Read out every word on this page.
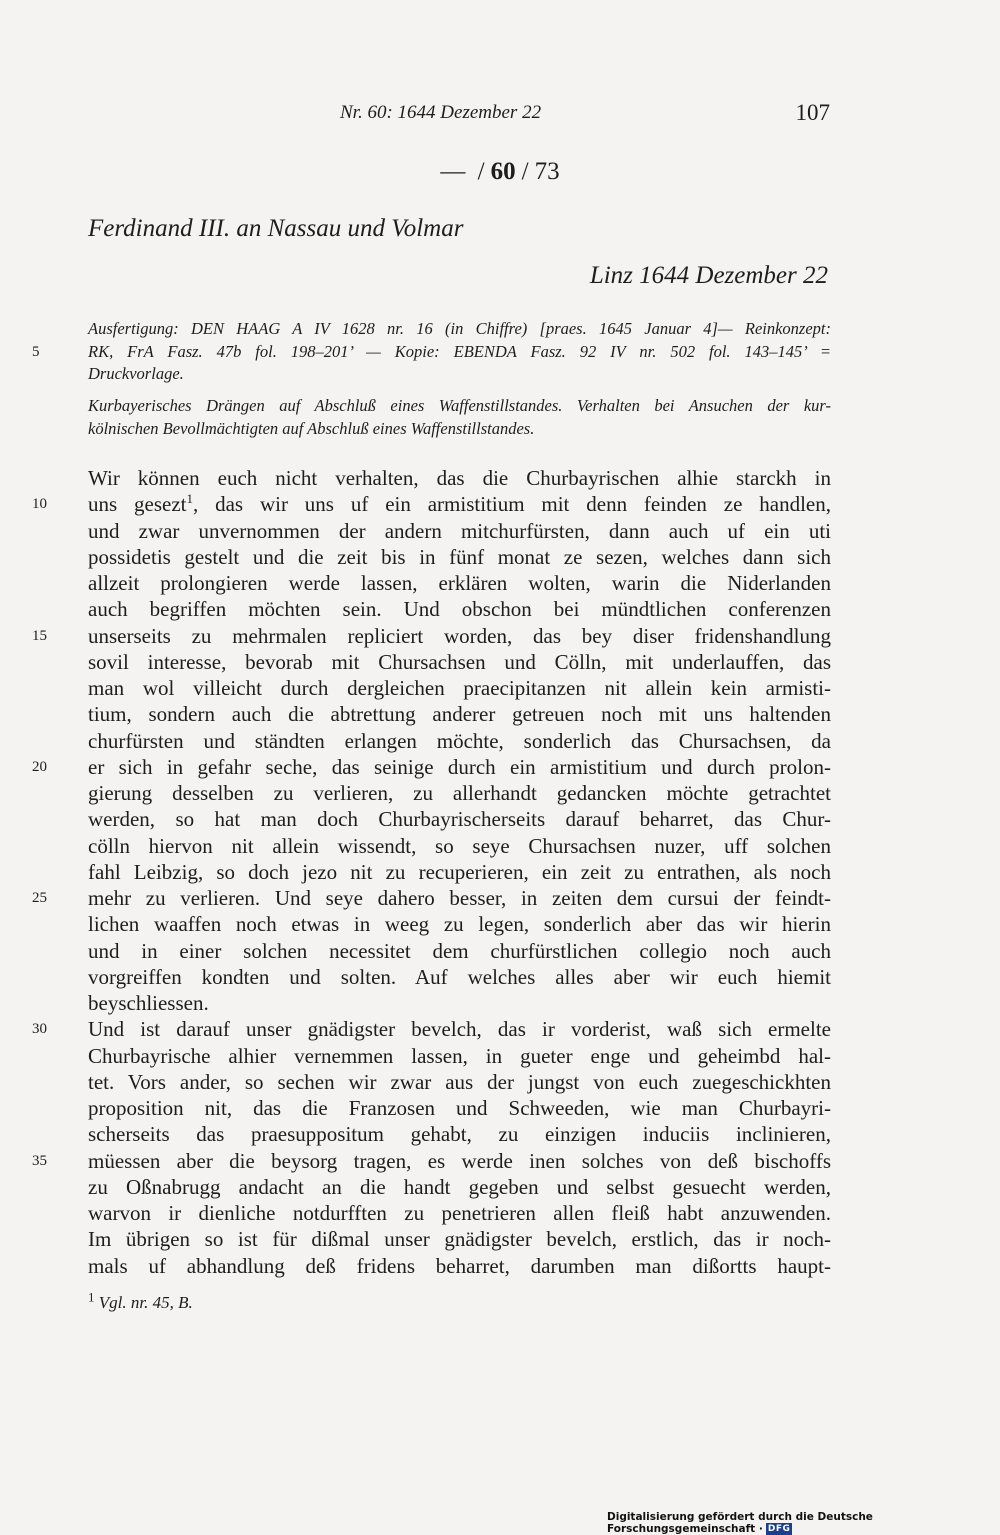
Nr. 60: 1644 Dezember 22	107
— / 60 / 73
Ferdinand III. an Nassau und Volmar
Linz 1644 Dezember 22
Ausfertigung: DEN HAAG A IV 1628 nr. 16 (in Chiffre) [praes. 1645 Januar 4]— Reinkonzept:
5	RK, FrA Fasz. 47b fol. 198–201’ — Kopie: EBENDA Fasz. 92 IV nr. 502 fol. 143–145’ =
Druckvorlage.
Kurbayerisches Drängen auf Abschluß eines Waffenstillstandes. Verhalten bei Ansuchen der kur-
kölnischen Bevollmächtigten auf Abschluß eines Waffenstillstandes.
Wir können euch nicht verhalten, das die Churbayrischen alhie starckh in
10	uns gesezt$^1$, das wir uns uf ein armistitium mit denn feinden ze handlen,
und zwar unvernommen der andern mitchurfürsten, dann auch uf ein uti
possidetis gestelt und die zeit bis in fünf monat ze sezen, welches dann sich
allzeit prolongieren werde lassen, erklären wolten, warin die Niderlanden
auch begriffen möchten sein. Und obschon bei mündtlichen conferenzen
15	unserseits zu mehrmalen repliciert worden, das bey diser fridenshandlung
sovil interesse, bevorab mit Chursachsen und Cölln, mit underlauffen, das
man wol villeicht durch dergleichen praecipitanzen nit allein kein armisti-
tium, sondern auch die abtrettung anderer getreuen noch mit uns haltenden
churfürsten und ständten erlangen möchte, sonderlich das Chursachsen, da
20	er sich in gefahr seche, das seinige durch ein armistitium und durch prolon-
gierung desselben zu verlieren, zu allerhandt gedancken möchte getrachtet
werden, so hat man doch Churbayrischerseits darauf beharret, das Chur-
cölln hiervon nit allein wissendt, so seye Chursachsen nuzer, uff solchen
fahl Leibzig, so doch jezo nit zu recuperieren, ein zeit zu entrathen, als noch
25	mehr zu verlieren. Und seye dahero besser, in zeiten dem cursui der feindt-
lichen waaffen noch etwas in weeg zu legen, sonderlich aber das wir hierin
und in einer solchen necessitet dem churfürstlichen collegio noch auch
vorgreiffen kondten und solten. Auf welches alles aber wir euch hiemit
beyschliessen.
30	Und ist darauf unser gnädigster bevelch, das ir vorderist, waß sich ermelte
Churbayrische alhier vernemmen lassen, in gueter enge und geheimbd hal-
tet. Vors ander, so sechen wir zwar aus der jungst von euch zuegeschickhten
proposition nit, das die Franzosen und Schweeden, wie man Churbayri-
scherseits das praesuppositum gehabt, zu einzigen induciis inclinieren,
35	müessen aber die beysorg tragen, es werde inen solches von deß bischoffs
zu Oßnabrugg andacht an die handt gegeben und selbst gesuecht werden,
warvon ir dienliche notdurfften zu penetrieren allen fleiß habt anzuwenden.
Im übrigen so ist für dißmal unser gnädigster bevelch, erstlich, das ir noch-
mals uf abhandlung deß fridens beharret, darumben man dißortts haupt-
$^1$ Vgl. nr. 45, B.
Digitalisierung gefördert durch die Deutsche Forschungsgemeinschaft · DFG
